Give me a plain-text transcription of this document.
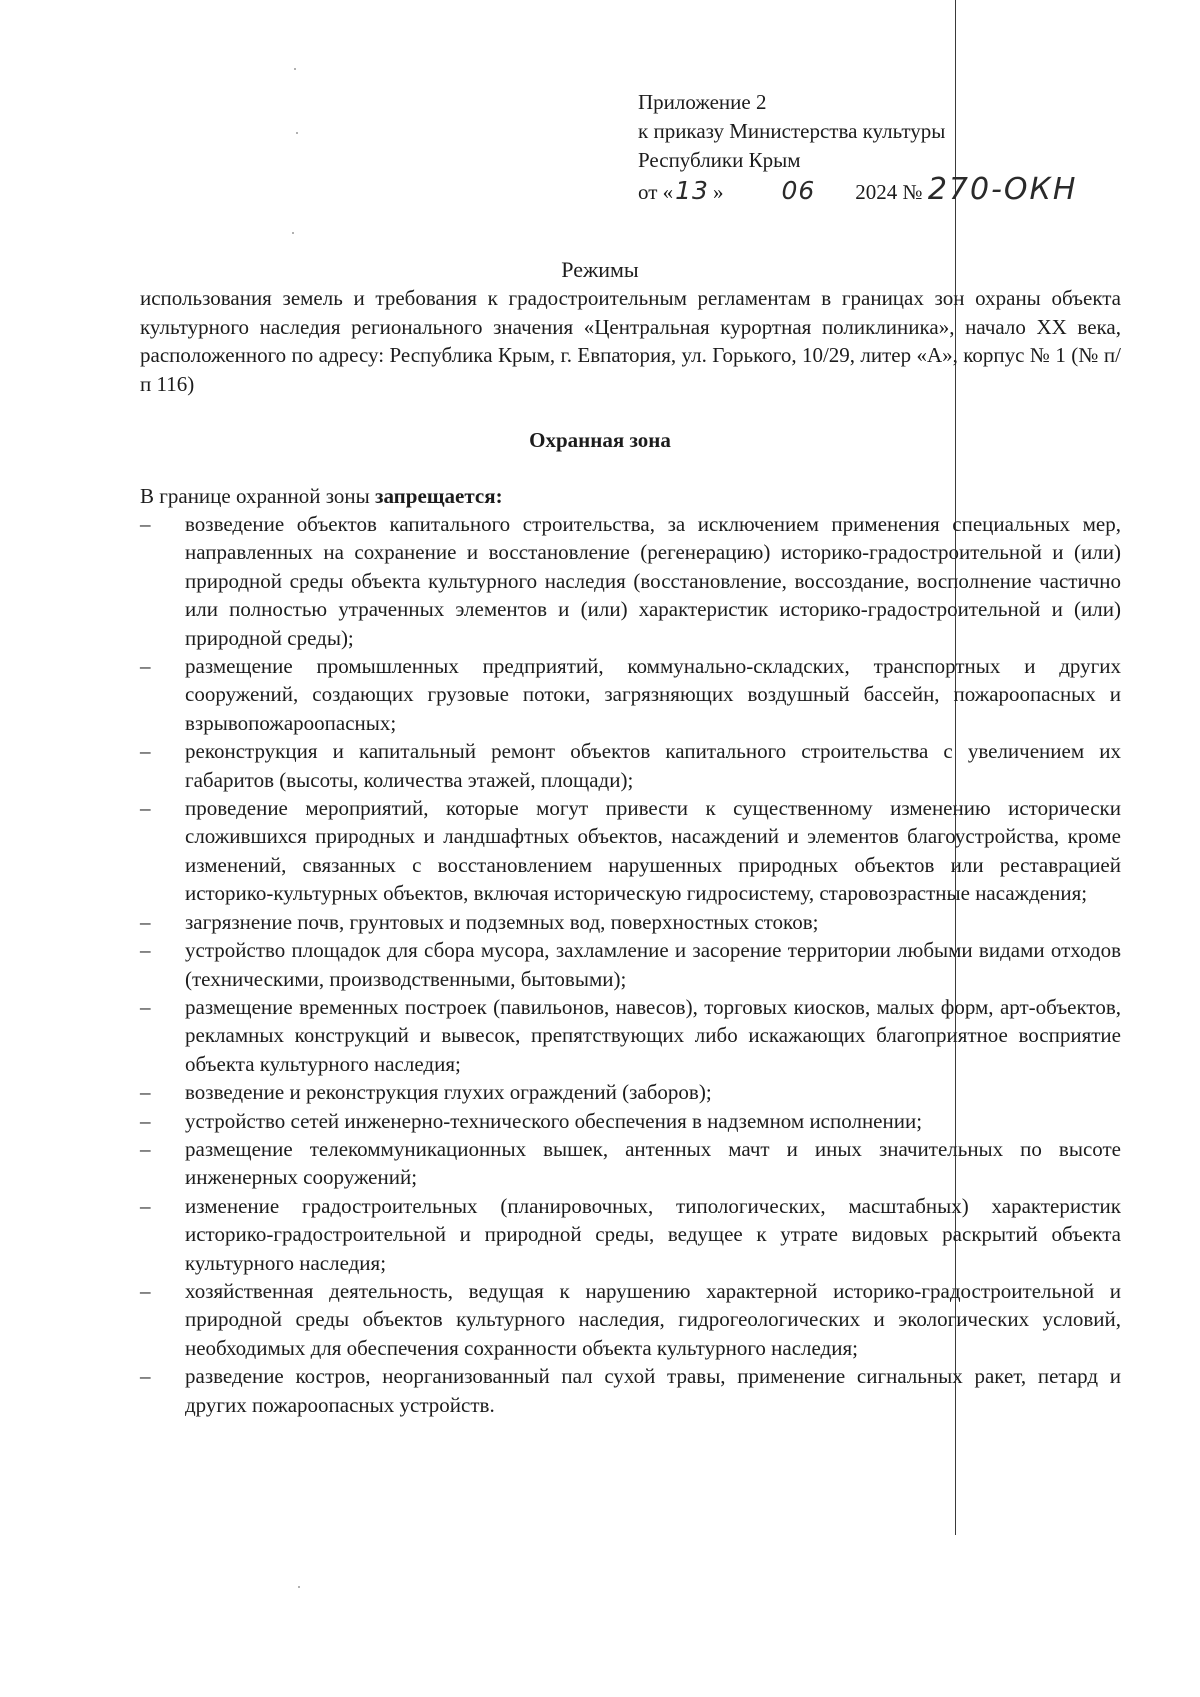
Приложение 2
к приказу Министерства культуры
Республики Крым
от «13 » 06 2024 № 270-ОКН
Режимы
использования земель и требования к градостроительным регламентам в границах зон охраны объекта культурного наследия регионального значения «Центральная курортная поликлиника», начало XX века, расположенного по адресу: Республика Крым, г. Евпатория, ул. Горького, 10/29, литер «А», корпус № 1 (№ п/п 116)
Охранная зона
В границе охранной зоны запрещается:
– возведение объектов капитального строительства, за исключением применения специальных мер, направленных на сохранение и восстановление (регенерацию) историко-градостроительной и (или) природной среды объекта культурного наследия (восстановление, воссоздание, восполнение частично или полностью утраченных элементов и (или) характеристик историко-градостроительной и (или) природной среды);
– размещение промышленных предприятий, коммунально-складских, транспортных и других сооружений, создающих грузовые потоки, загрязняющих воздушный бассейн, пожароопасных и взрывопожароопасных;
– реконструкция и капитальный ремонт объектов капитального строительства с увеличением их габаритов (высоты, количества этажей, площади);
– проведение мероприятий, которые могут привести к существенному изменению исторически сложившихся природных и ландшафтных объектов, насаждений и элементов благоустройства, кроме изменений, связанных с восстановлением нарушенных природных объектов или реставрацией историко-культурных объектов, включая историческую гидросистему, старовозрастные насаждения;
– загрязнение почв, грунтовых и подземных вод, поверхностных стоков;
– устройство площадок для сбора мусора, захламление и засорение территории любыми видами отходов (техническими, производственными, бытовыми);
– размещение временных построек (павильонов, навесов), торговых киосков, малых форм, арт-объектов, рекламных конструкций и вывесок, препятствующих либо искажающих благоприятное восприятие объекта культурного наследия;
– возведение и реконструкция глухих ограждений (заборов);
– устройство сетей инженерно-технического обеспечения в надземном исполнении;
– размещение телекоммуникационных вышек, антенных мачт и иных значительных по высоте инженерных сооружений;
– изменение градостроительных (планировочных, типологических, масштабных) характеристик историко-градостроительной и природной среды, ведущее к утрате видовых раскрытий объекта культурного наследия;
– хозяйственная деятельность, ведущая к нарушению характерной историко-градостроительной и природной среды объектов культурного наследия, гидрогеологических и экологических условий, необходимых для обеспечения сохранности объекта культурного наследия;
– разведение костров, неорганизованный пал сухой травы, применение сигнальных ракет, петард и других пожароопасных устройств.
